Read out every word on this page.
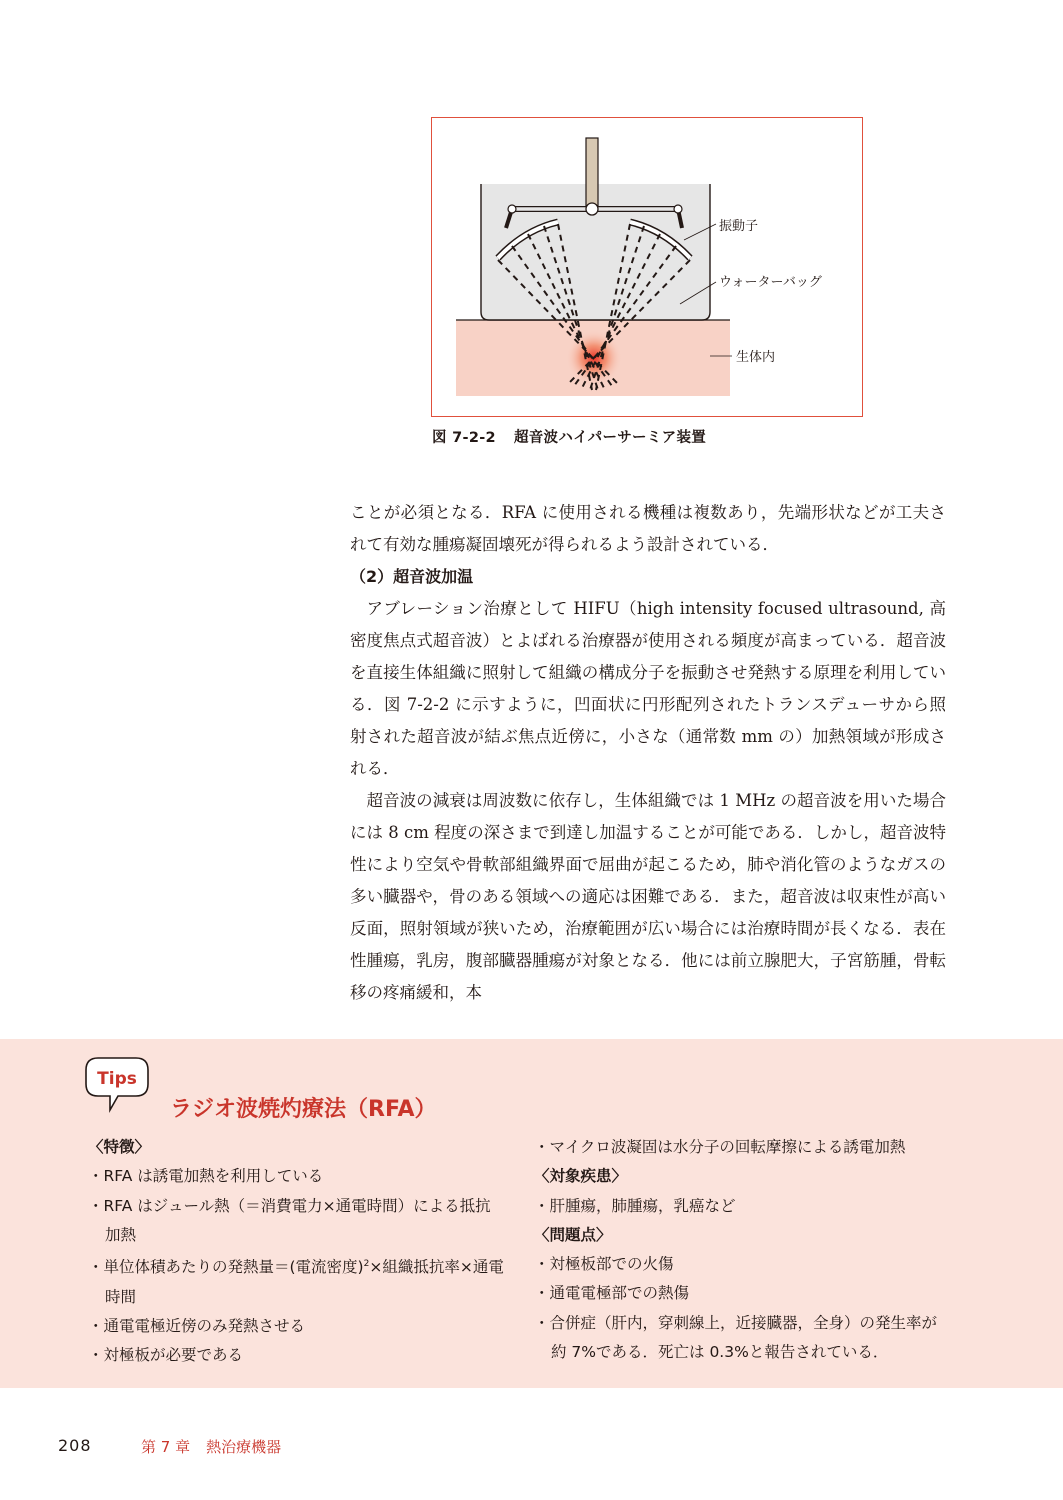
振動子
ウォーターバッグ
生体内
図 7-2-2 超音波ハイパーサーミア装置

ことが必須となる．RFA に使用される機種は複数あり，先端形状などが工夫されて有効な腫瘍凝固壊死が得られるよう設計されている．

（2）超音波加温

アブレーション治療として HIFU（high intensity focused ultrasound, 高密度焦点式超音波）とよばれる治療器が使用される頻度が高まっている．超音波を直接生体組織に照射して組織の構成分子を振動させ発熱する原理を利用している．図 7-2-2 に示すように，凹面状に円形配列されたトランスデューサから照射された超音波が結ぶ焦点近傍に，小さな（通常数 mm の）加熱領域が形成される．

超音波の減衰は周波数に依存し，生体組織では 1 MHz の超音波を用いた場合には 8 cm 程度の深さまで到達し加温することが可能である．しかし，超音波特性により空気や骨軟部組織界面で屈曲が起こるため，肺や消化管のようなガスの多い臓器や，骨のある領域への適応は困難である．また，超音波は収束性が高い反面，照射領域が狭いため，治療範囲が広い場合には治療時間が長くなる．表在性腫瘍，乳房，腹部臓器腫瘍が対象となる．他には前立腺肥大，子宮筋腫，骨転移の疼痛緩和，本

Tips
ラジオ波焼灼療法（RFA）
〈特徴〉
・RFA は誘電加熱を利用している
・RFA はジュール熱（＝消費電力×通電時間）による抵抗加熱
・単位体積あたりの発熱量＝(電流密度)$^2$×組織抵抗率×通電時間
・通電電極近傍のみ発熱させる
・対極板が必要である
・マイクロ波凝固は水分子の回転摩擦による誘電加熱
〈対象疾患〉
・肝腫瘍，肺腫瘍，乳癌など
〈問題点〉
・対極板部での火傷
・通電電極部での熱傷
・合併症（肝内，穿刺線上，近接臓器，全身）の発生率が約 7%である．死亡は 0.3%と報告されている．
208	第 7 章 熱治療機器
